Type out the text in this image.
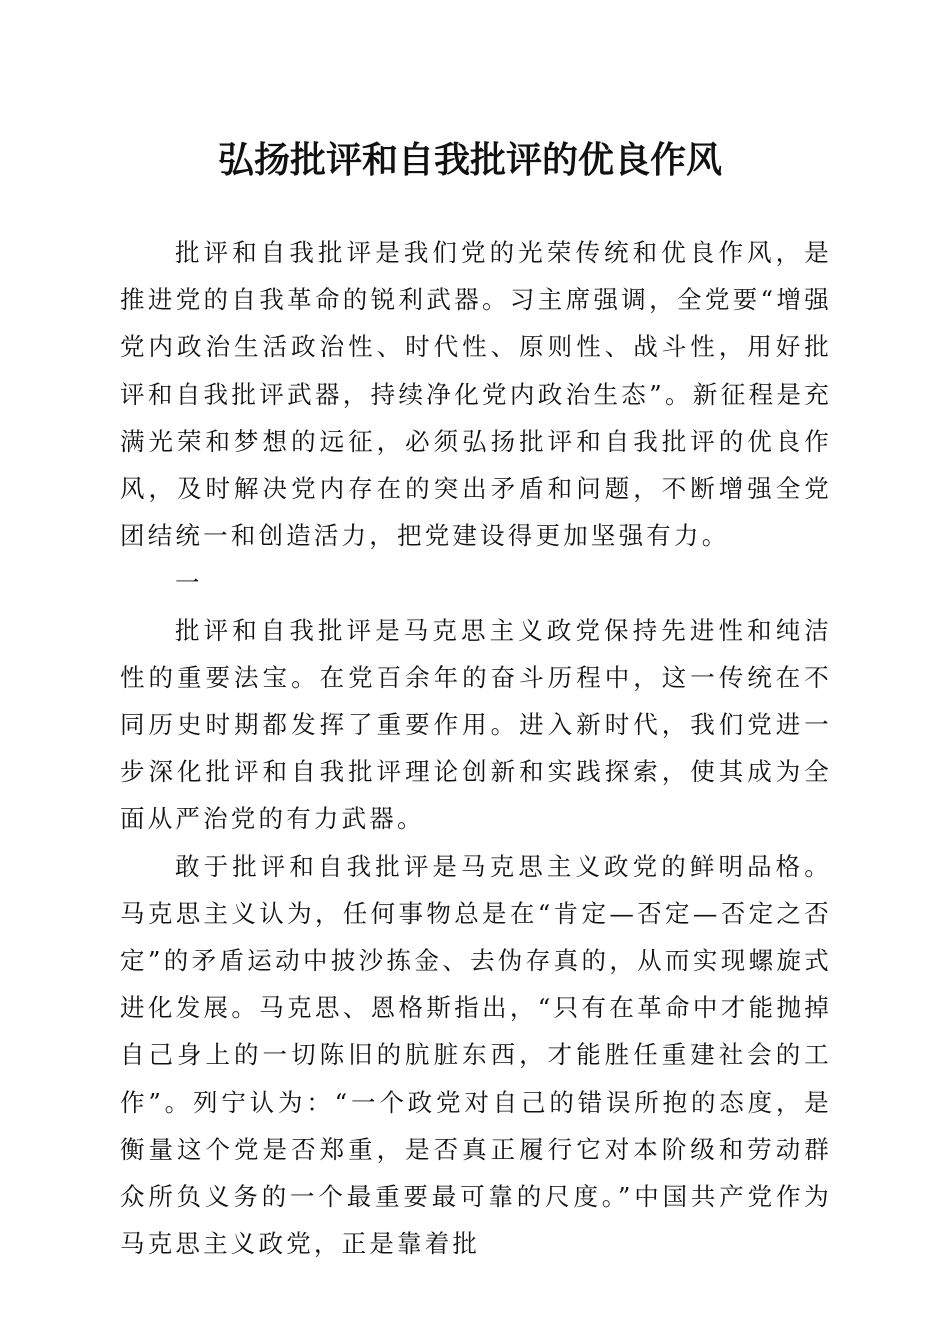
弘扬批评和自我批评的优良作风

批评和自我批评是我们党的光荣传统和优良作风，是推进党的自我革命的锐利武器。习主席强调，全党要“增强党内政治生活政治性、时代性、原则性、战斗性，用好批评和自我批评武器，持续净化党内政治生态”。新征程是充满光荣和梦想的远征，必须弘扬批评和自我批评的优良作风，及时解决党内存在的突出矛盾和问题，不断增强全党团结统一和创造活力，把党建设得更加坚强有力。

一

批评和自我批评是马克思主义政党保持先进性和纯洁性的重要法宝。在党百余年的奋斗历程中，这一传统在不同历史时期都发挥了重要作用。进入新时代，我们党进一步深化批评和自我批评理论创新和实践探索，使其成为全面从严治党的有力武器。

敢于批评和自我批评是马克思主义政党的鲜明品格。马克思主义认为，任何事物总是在“肯定—否定—否定之否定”的矛盾运动中披沙拣金、去伪存真的，从而实现螺旋式进化发展。马克思、恩格斯指出，“只有在革命中才能抛掉自己身上的一切陈旧的肮脏东西，才能胜任重建社会的工作”。列宁认为：“一个政党对自己的错误所抱的态度，是衡量这个党是否郑重，是否真正履行它对本阶级和劳动群众所负义务的一个最重要最可靠的尺度。”中国共产党作为马克思主义政党，正是靠着批
